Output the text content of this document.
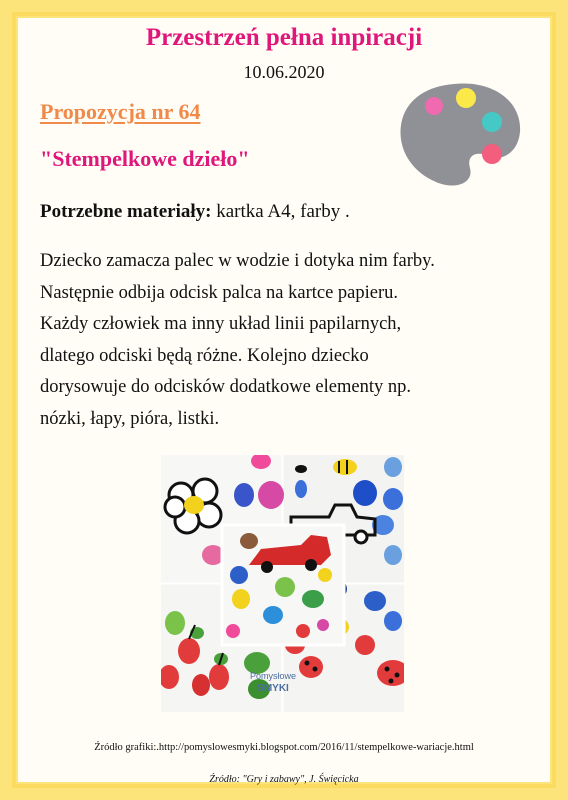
Przestrzeń pełna inpiracji
10.06.2020
Propozycja nr 64
"Stempelkowe dzieło"
Potrzebne materiały: kartka A4, farby .
Dziecko zamacza palec w wodzie i dotyka nim farby.
Następnie odbija odcisk palca na kartce papieru.
Każdy człowiek ma inny układ linii papilarnych,
dlatego odciski będą różne. Kolejno dziecko
dorysowuje do odcisków dodatkowe elementy np.
nózki, łapy, pióra, listki.
Pomysłowe
SMYKI
Źródło grafiki:.http://pomyslowesmyki.blogspot.com/2016/11/stempelkowe-wariacje.html
Źródło: "Gry i zabawy", J. Święcicka
